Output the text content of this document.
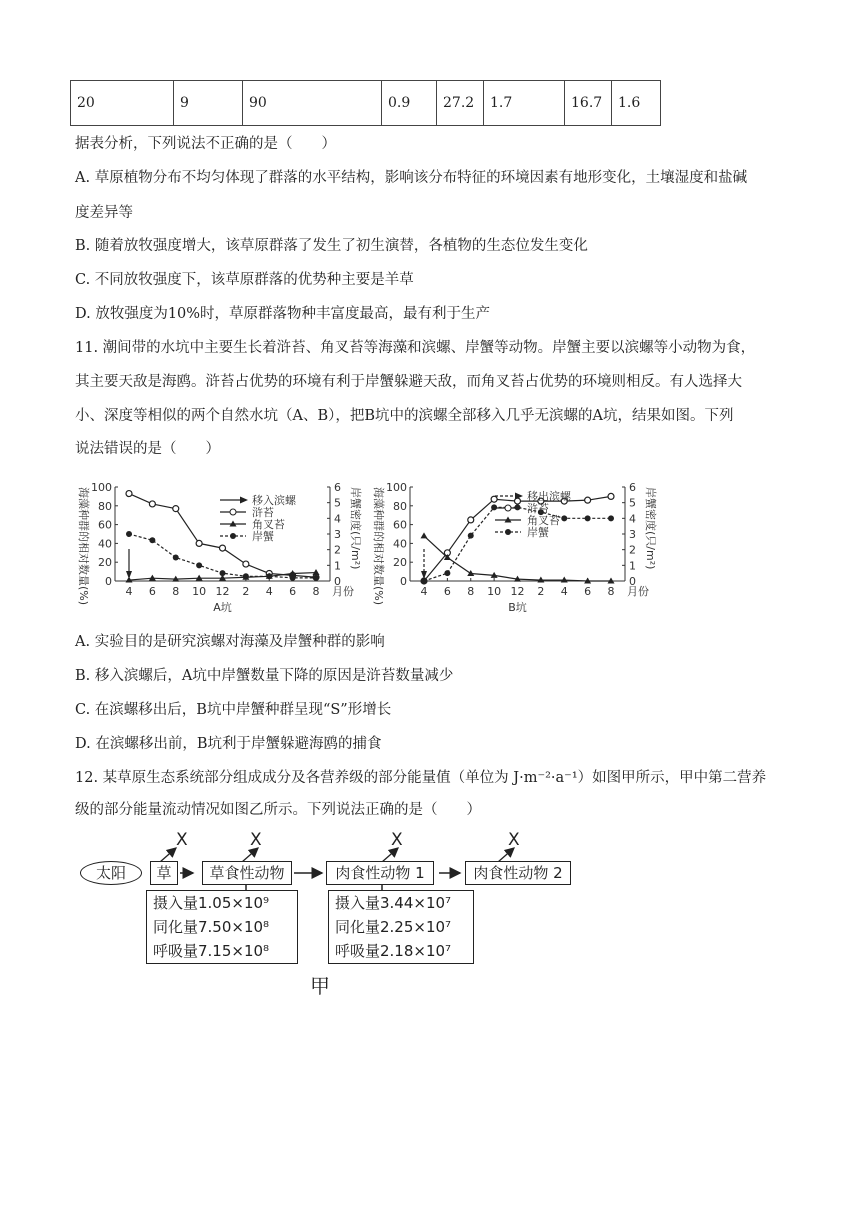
20	9	90	0.9	27.2	1.7	16.7	1.6
据表分析，下列说法不正确的是（　　）
A. 草原植物分布不均匀体现了群落的水平结构，影响该分布特征的环境因素有地形变化，土壤湿度和盐碱
度差异等
B. 随着放牧强度增大，该草原群落了发生了初生演替，各植物的生态位发生变化
C. 不同放牧强度下，该草原群落的优势种主要是羊草
D. 放牧强度为10%时，草原群落物种丰富度最高，最有利于生产
11. 潮间带的水坑中主要生长着浒苔、角叉苔等海藻和滨螺、岸蟹等动物。岸蟹主要以滨螺等小动物为食，
其主要天敌是海鸥。浒苔占优势的环境有利于岸蟹躲避天敌，而角叉苔占优势的环境则相反。有人选择大
小、深度等相似的两个自然水坑（A、B），把B坑中的滨螺全部移入几乎无滨螺的A坑，结果如图。下列
说法错误的是（　　）
0
20
40
60
80
100
0
1
2
3
4
5
6
4 6 8 10 12 2 4 6 8 月份
A坑
海藻种群的相对数量(%)	岸蟹密度(只/m²)
移入滨螺
浒苔
角叉苔
岸蟹
0
20
40
60
80
100
0
1
2
3
4
5
6
4 6 8 10 12 2 4 6 8 月份
B坑
海藻种群的相对数量(%)	岸蟹密度(只/m²)
移出滨螺
浒苔
角叉苔
岸蟹
A. 实验目的是研究滨螺对海藻及岸蟹种群的影响
B. 移入滨螺后，A坑中岸蟹数量下降的原因是浒苔数量减少
C. 在滨螺移出后，B坑中岸蟹种群呈现“S”形增长
D. 在滨螺移出前，B坑利于岸蟹躲避海鸥的捕食
12. 某草原生态系统部分组成成分及各营养级的部分能量值（单位为 J·m⁻²·a⁻¹）如图甲所示，甲中第二营养
级的部分能量流动情况如图乙所示。下列说法正确的是（　　）
X	X	X	X
太阳	草	草食性动物	肉食性动物 1	肉食性动物 2
摄入量1.05×10⁹
同化量7.50×10⁸
呼吸量7.15×10⁸
摄入量3.44×10⁷
同化量2.25×10⁷
呼吸量2.18×10⁷
甲
